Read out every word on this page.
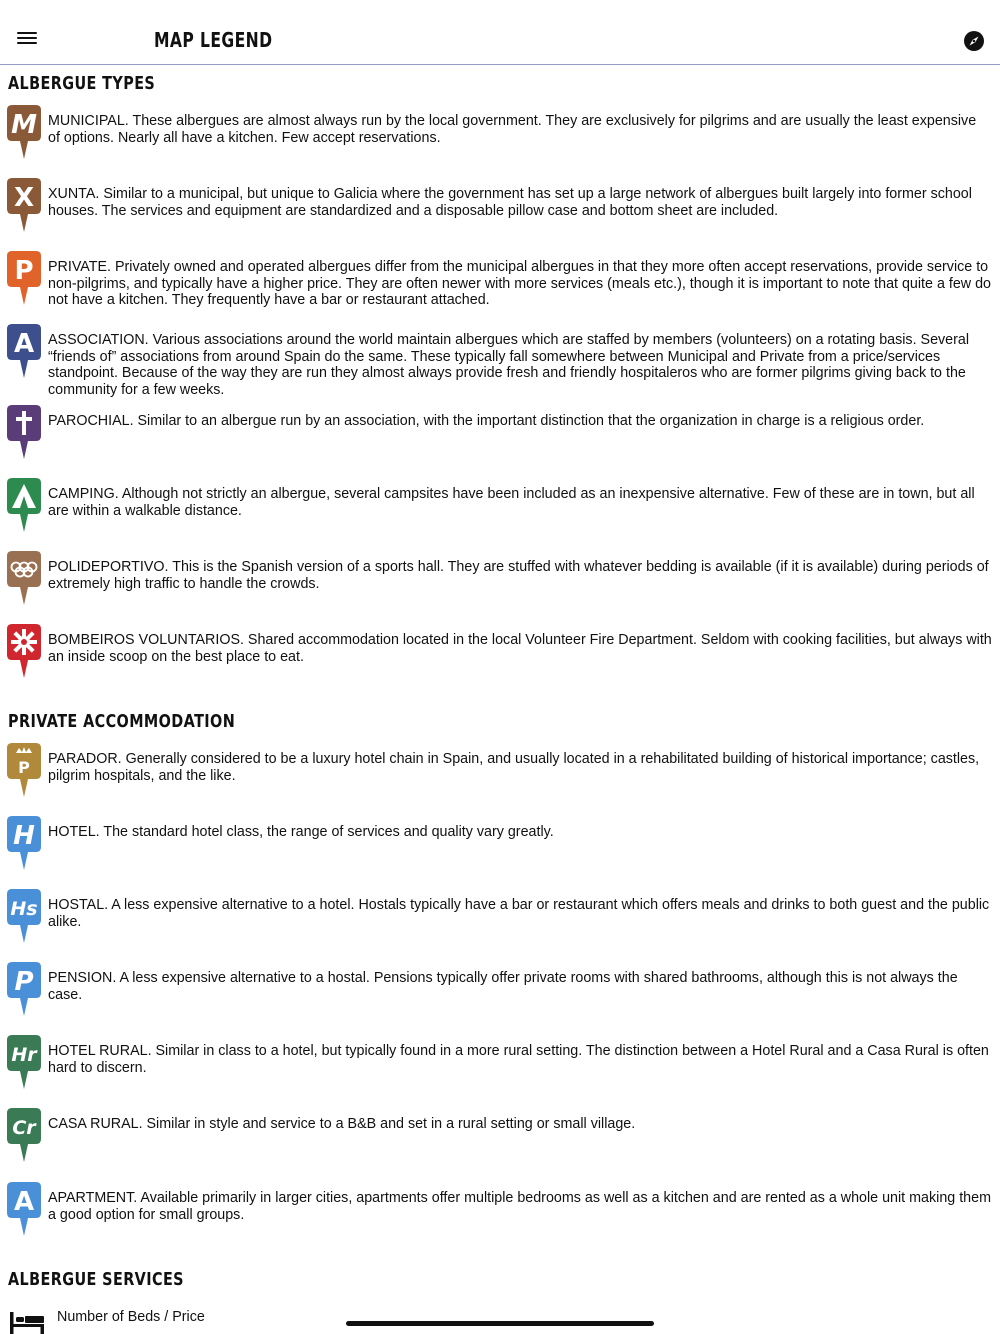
MAP LEGEND
ALBERGUE TYPES
M MUNICIPAL. These albergues are almost always run by the local government. They are exclusively for pilgrims and are usually the least expensive of options. Nearly all have a kitchen. Few accept reservations.
X XUNTA. Similar to a municipal, but unique to Galicia where the government has set up a large network of albergues built largely into former school houses. The services and equipment are standardized and a disposable pillow case and bottom sheet are included.
P PRIVATE. Privately owned and operated albergues differ from the municipal albergues in that they more often accept reservations, provide service to non-pilgrims, and typically have a higher price. They are often newer with more services (meals etc.), though it is important to note that quite a few do not have a kitchen. They frequently have a bar or restaurant attached.
A ASSOCIATION. Various associations around the world maintain albergues which are staffed by members (volunteers) on a rotating basis. Several “friends of” associations from around Spain do the same. These typically fall somewhere between Municipal and Private from a price/services standpoint. Because of the way they are run they almost always provide fresh and friendly hospitaleros who are former pilgrims giving back to the community for a few weeks.
PAROCHIAL. Similar to an albergue run by an association, with the important distinction that the organization in charge is a religious order.
CAMPING. Although not strictly an albergue, several campsites have been included as an inexpensive alternative. Few of these are in town, but all are within a walkable distance.
POLIDEPORTIVO. This is the Spanish version of a sports hall. They are stuffed with whatever bedding is available (if it is available) during periods of extremely high traffic to handle the crowds.
BOMBEIROS VOLUNTARIOS. Shared accommodation located in the local Volunteer Fire Department. Seldom with cooking facilities, but always with an inside scoop on the best place to eat.
PRIVATE ACCOMMODATION
P PARADOR. Generally considered to be a luxury hotel chain in Spain, and usually located in a rehabilitated building of historical importance; castles, pilgrim hospitals, and the like.
H HOTEL. The standard hotel class, the range of services and quality vary greatly.
Hs HOSTAL. A less expensive alternative to a hotel. Hostals typically have a bar or restaurant which offers meals and drinks to both guest and the public alike.
P PENSION. A less expensive alternative to a hostal. Pensions typically offer private rooms with shared bathrooms, although this is not always the case.
Hr HOTEL RURAL. Similar in class to a hotel, but typically found in a more rural setting. The distinction between a Hotel Rural and a Casa Rural is often hard to discern.
Cr CASA RURAL. Similar in style and service to a B&B and set in a rural setting or small village.
A APARTMENT. Available primarily in larger cities, apartments offer multiple bedrooms as well as a kitchen and are rented as a whole unit making them a good option for small groups.
ALBERGUE SERVICES
Number of Beds / Price
